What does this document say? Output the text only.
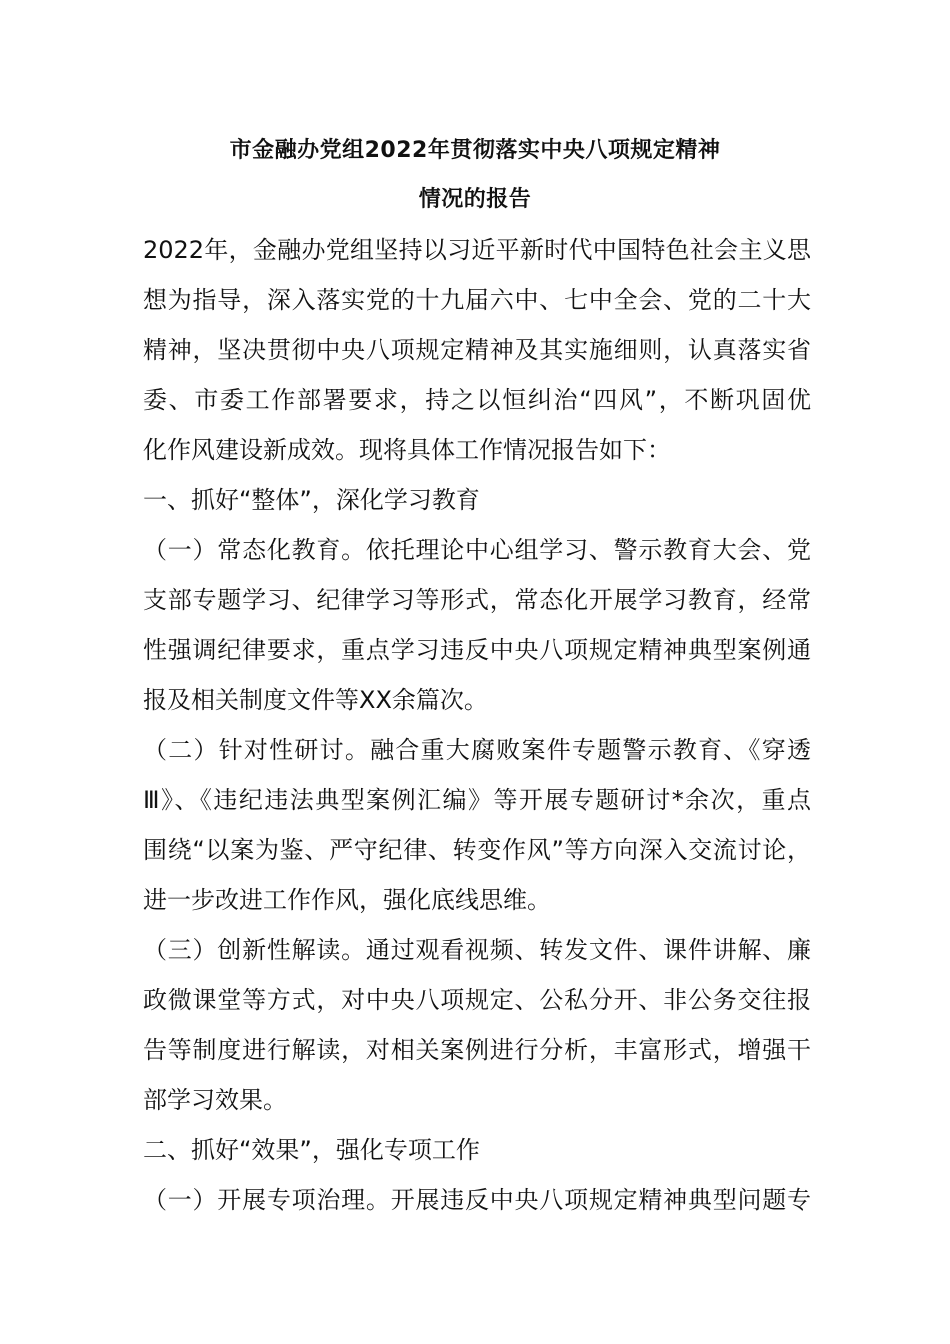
市金融办党组2022年贯彻落实中央八项规定精神
情况的报告
2022年，金融办党组坚持以习近平新时代中国特色社会主义思
想为指导，深入落实党的十九届六中、七中全会、党的二十大
精神，坚决贯彻中央八项规定精神及其实施细则，认真落实省
委、市委工作部署要求，持之以恒纠治“四风”，不断巩固优
化作风建设新成效。现将具体工作情况报告如下：
一、抓好“整体”，深化学习教育
（一）常态化教育。依托理论中心组学习、警示教育大会、党
支部专题学习、纪律学习等形式，常态化开展学习教育，经常
性强调纪律要求，重点学习违反中央八项规定精神典型案例通
报及相关制度文件等XX余篇次。
（二）针对性研讨。融合重大腐败案件专题警示教育、《穿透
Ⅲ》、《违纪违法典型案例汇编》等开展专题研讨*余次，重点
围绕“以案为鉴、严守纪律、转变作风”等方向深入交流讨论，
进一步改进工作作风，强化底线思维。
（三）创新性解读。通过观看视频、转发文件、课件讲解、廉
政微课堂等方式，对中央八项规定、公私分开、非公务交往报
告等制度进行解读，对相关案例进行分析，丰富形式，增强干
部学习效果。
二、抓好“效果”，强化专项工作
（一）开展专项治理。开展违反中央八项规定精神典型问题专
